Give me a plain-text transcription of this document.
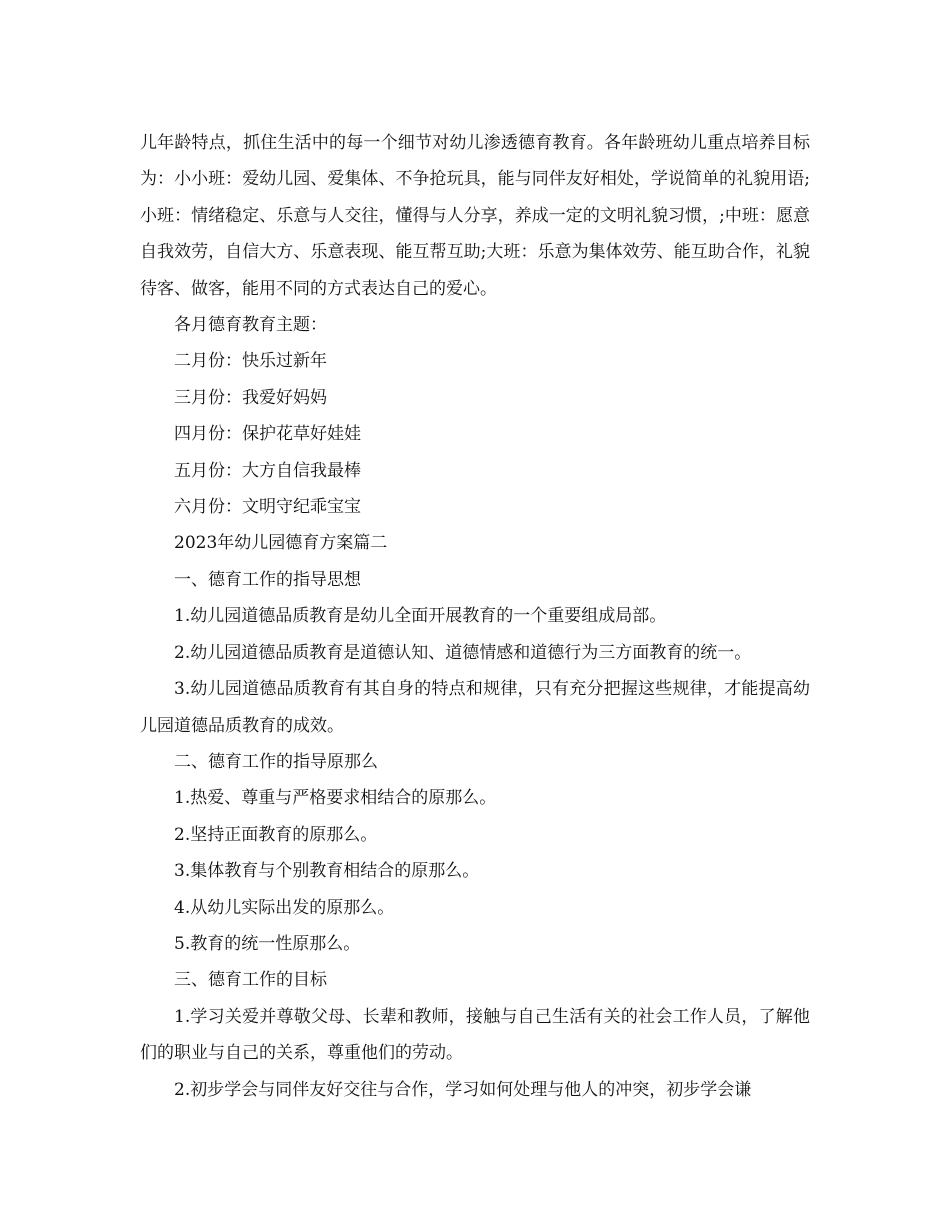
儿年龄特点，抓住生活中的每一个细节对幼儿渗透德育教育。各年龄班幼儿重点培养目标为：小小班：爱幼儿园、爱集体、不争抢玩具，能与同伴友好相处，学说简单的礼貌用语;小班：情绪稳定、乐意与人交往，懂得与人分享，养成一定的文明礼貌习惯，;中班：愿意自我效劳，自信大方、乐意表现、能互帮互助;大班：乐意为集体效劳、能互助合作，礼貌待客、做客，能用不同的方式表达自己的爱心。

各月德育教育主题：

二月份：快乐过新年

三月份：我爱好妈妈

四月份：保护花草好娃娃

五月份：大方自信我最棒

六月份：文明守纪乖宝宝

2023年幼儿园德育方案篇二

一、德育工作的指导思想

1.幼儿园道德品质教育是幼儿全面开展教育的一个重要组成局部。

2.幼儿园道德品质教育是道德认知、道德情感和道德行为三方面教育的统一。

3.幼儿园道德品质教育有其自身的特点和规律，只有充分把握这些规律，才能提高幼儿园道德品质教育的成效。

二、德育工作的指导原那么

1.热爱、尊重与严格要求相结合的原那么。

2.坚持正面教育的原那么。

3.集体教育与个别教育相结合的原那么。

4.从幼儿实际出发的原那么。

5.教育的统一性原那么。

三、德育工作的目标

1.学习关爱并尊敬父母、长辈和教师，接触与自己生活有关的社会工作人员，了解他们的职业与自己的关系，尊重他们的劳动。

2.初步学会与同伴友好交往与合作，学习如何处理与他人的冲突，初步学会谦
